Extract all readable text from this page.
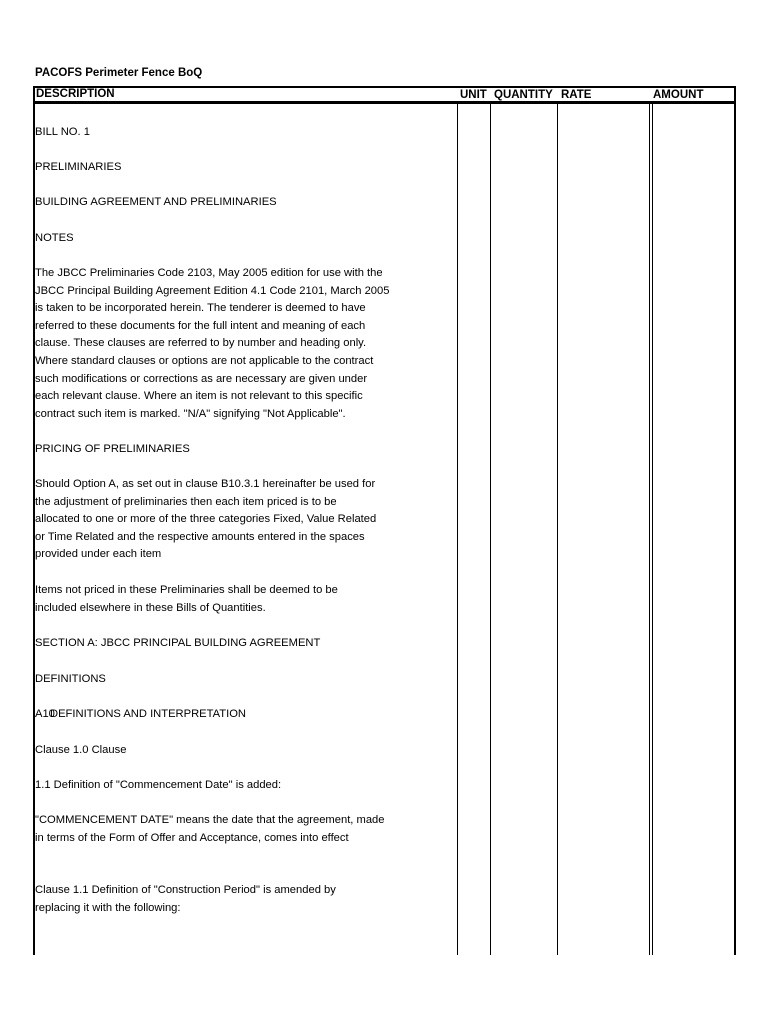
PACOFS Perimeter Fence BoQ
DESCRIPTION	UNIT QUANTITY RATE	AMOUNT
BILL NO. 1
PRELIMINARIES
BUILDING AGREEMENT AND PRELIMINARIES
NOTES
The JBCC Preliminaries Code 2103, May 2005 edition for use with the
JBCC Principal Building Agreement Edition 4.1 Code 2101, March 2005
is taken to be incorporated herein. The tenderer is deemed to have
referred to these documents for the full intent and meaning of each
clause. These clauses are referred to by number and heading only.
Where standard clauses or options are not applicable to the contract
such modifications or corrections as are necessary are given under
each relevant clause. Where an item is not relevant to this specific
contract such item is marked. "N/A" signifying "Not Applicable".
PRICING OF PRELIMINARIES
Should Option A, as set out in clause B10.3.1 hereinafter be used for
the adjustment of preliminaries then each item priced is to be
allocated to one or more of the three categories Fixed, Value Related
or Time Related and the respective amounts entered in the spaces
provided under each item
Items not priced in these Preliminaries shall be deemed to be
included elsewhere in these Bills of Quantities.
SECTION A: JBCC PRINCIPAL BUILDING AGREEMENT
DEFINITIONS
A10
DEFINITIONS AND INTERPRETATION
Clause 1.0 Clause
1.1 Definition of "Commencement Date" is added:
"COMMENCEMENT DATE" means the date that the agreement, made
in terms of the Form of Offer and Acceptance, comes into effect
Clause 1.1 Definition of "Construction Period" is amended by
replacing it with the following:
